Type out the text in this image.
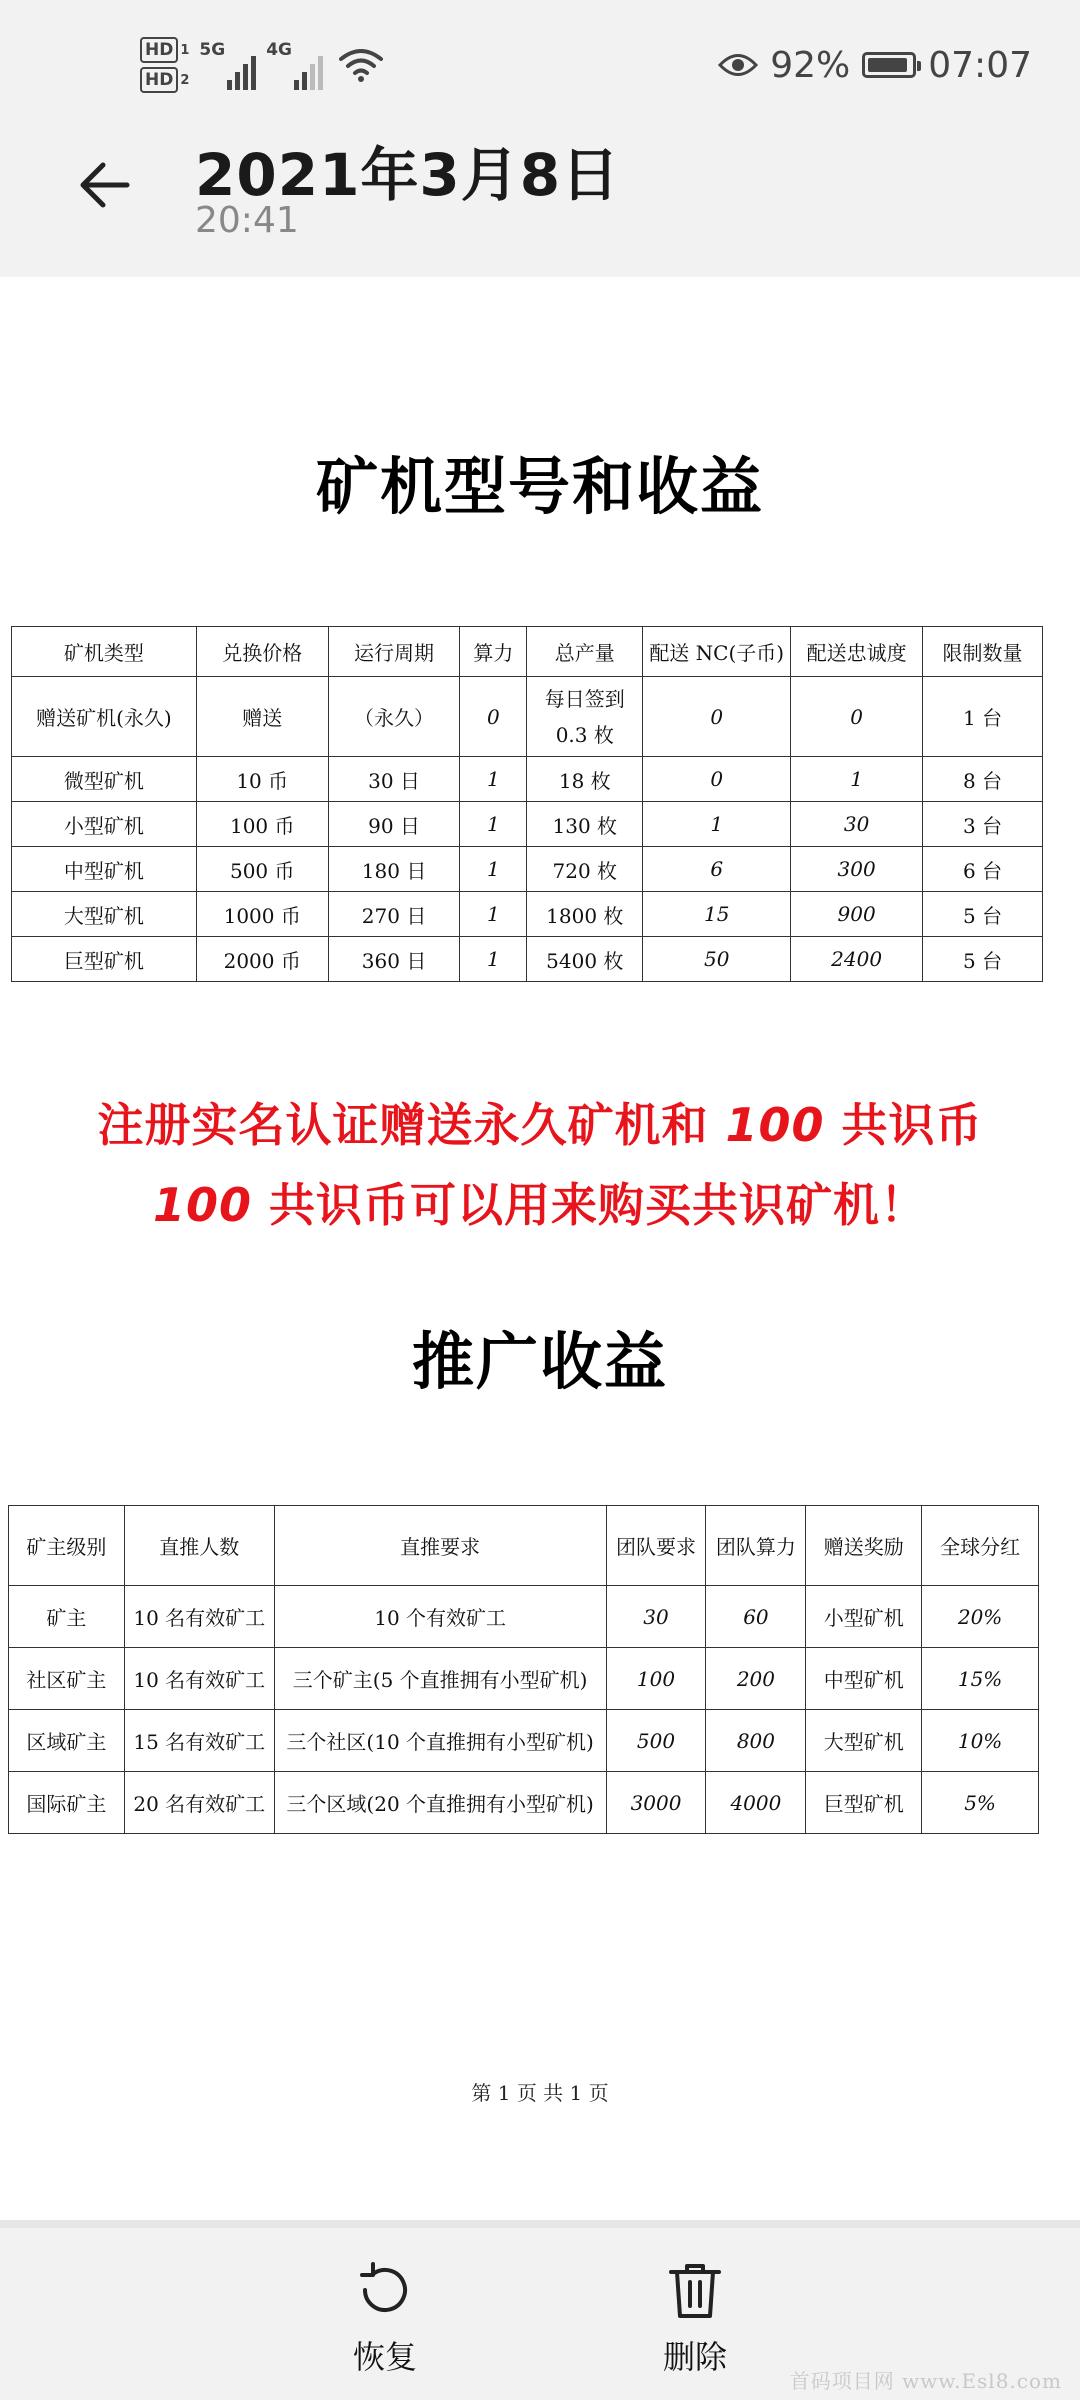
HD 1
HD 2
5G 4G	92% 07:07
2021年3月8日
20:41
矿机型号和收益
矿机类型	兑换价格	运行周期	算力	总产量	配送 NC(子币)	配送忠诚度	限制数量
赠送矿机(永久)	赠送	（永久）	0	每日签到 0.3 枚	0	0	1 台
微型矿机	10 币	30 日	1	18 枚	0	1	8 台
小型矿机	100 币	90 日	1	130 枚	1	30	3 台
中型矿机	500 币	180 日	1	720 枚	6	300	6 台
大型矿机	1000 币	270 日	1	1800 枚	15	900	5 台
巨型矿机	2000 币	360 日	1	5400 枚	50	2400	5 台
注册实名认证赠送永久矿机和 100 共识币
100 共识币可以用来购买共识矿机！
推广收益
矿主级别	直推人数	直推要求	团队要求	团队算力	赠送奖励	全球分红
矿主	10 名有效矿工	10 个有效矿工	30	60	小型矿机	20%
社区矿主	10 名有效矿工	三个矿主(5 个直推拥有小型矿机)	100	200	中型矿机	15%
区域矿主	15 名有效矿工	三个社区(10 个直推拥有小型矿机)	500	800	大型矿机	10%
国际矿主	20 名有效矿工	三个区域(20 个直推拥有小型矿机)	3000	4000	巨型矿机	5%
第 1 页 共 1 页
恢复	删除
首码项目网 www.Esl8.com
